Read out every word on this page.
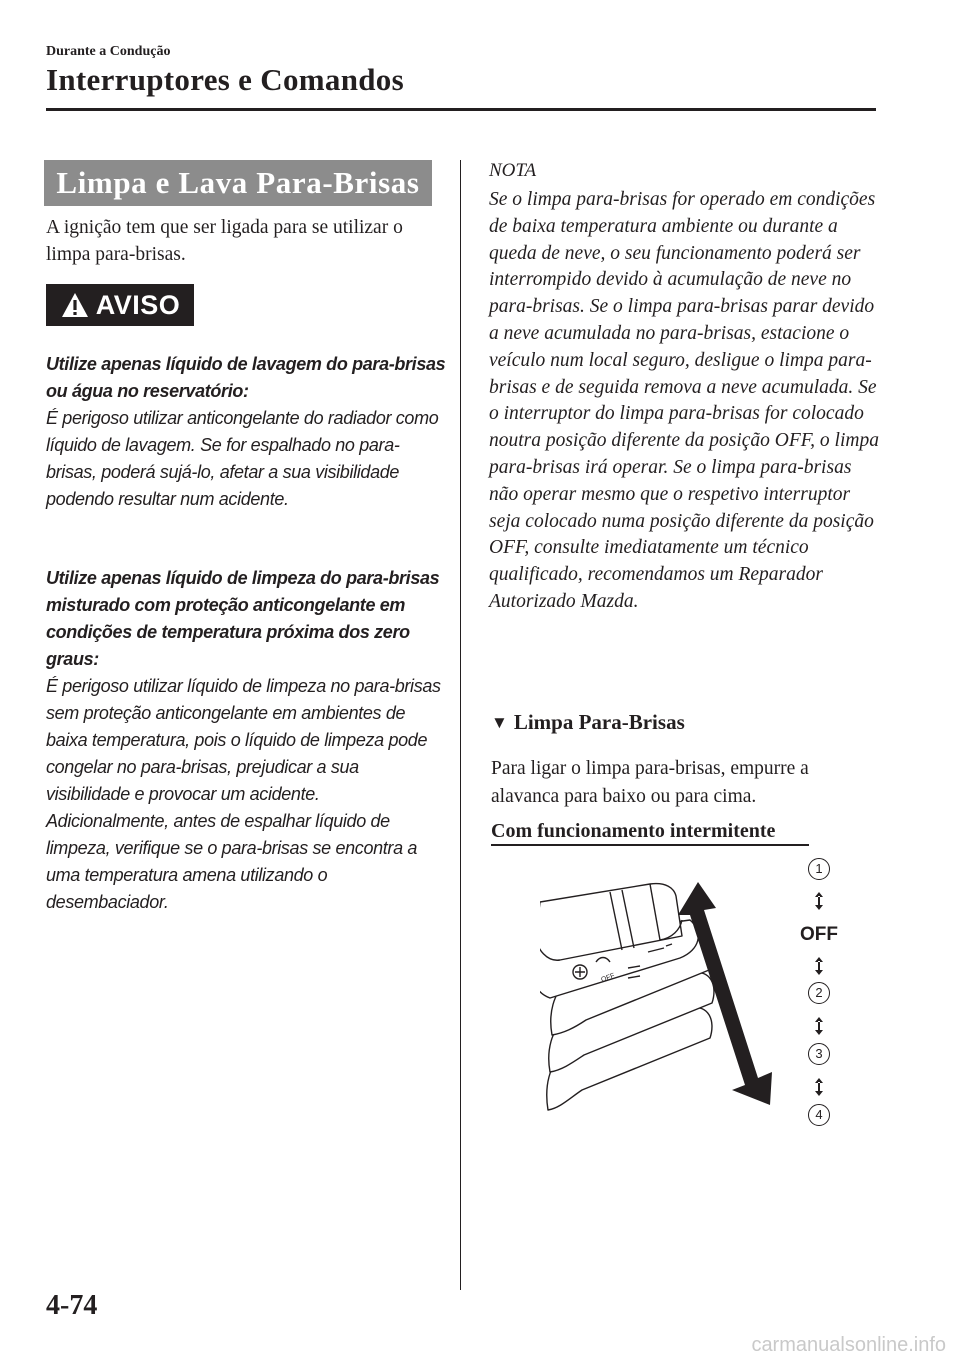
Durante a Condução
Interruptores e Comandos
Limpa e Lava Para-Brisas
A ignição tem que ser ligada para se utilizar o limpa para-brisas.
AVISO

Utilize apenas líquido de lavagem do para-brisas ou água no reservatório:

É perigoso utilizar anticongelante do radiador como líquido de lavagem. Se for espalhado no para-brisas, poderá sujá-lo, afetar a sua visibilidade podendo resultar num acidente.

Utilize apenas líquido de limpeza do para-brisas misturado com proteção anticongelante em condições de temperatura próxima dos zero graus:

É perigoso utilizar líquido de limpeza no para-brisas sem proteção anticongelante em ambientes de baixa temperatura, pois o líquido de limpeza pode congelar no para-brisas, prejudicar a sua visibilidade e provocar um acidente. Adicionalmente, antes de espalhar líquido de limpeza, verifique se o para-brisas se encontra a uma temperatura amena utilizando o desembaciador.

NOTA
Se o limpa para-brisas for operado em condições de baixa temperatura ambiente ou durante a queda de neve, o seu funcionamento poderá ser interrompido devido à acumulação de neve no para-brisas. Se o limpa para-brisas parar devido a neve acumulada no para-brisas, estacione o veículo num local seguro, desligue o limpa para-brisas e de seguida remova a neve acumulada. Se o interruptor do limpa para-brisas for colocado noutra posição diferente da posição OFF, o limpa para-brisas irá operar. Se o limpa para-brisas não operar mesmo que o respetivo interruptor seja colocado numa posição diferente da posição OFF, consulte imediatamente um técnico qualificado, recomendamos um Reparador Autorizado Mazda.
▼ Limpa Para-Brisas
Para ligar o limpa para-brisas, empurre a alavanca para baixo ou para cima.
Com funcionamento intermitente
OFF
1
OFF
2
3
4
4-74
carmanualsonline.info
